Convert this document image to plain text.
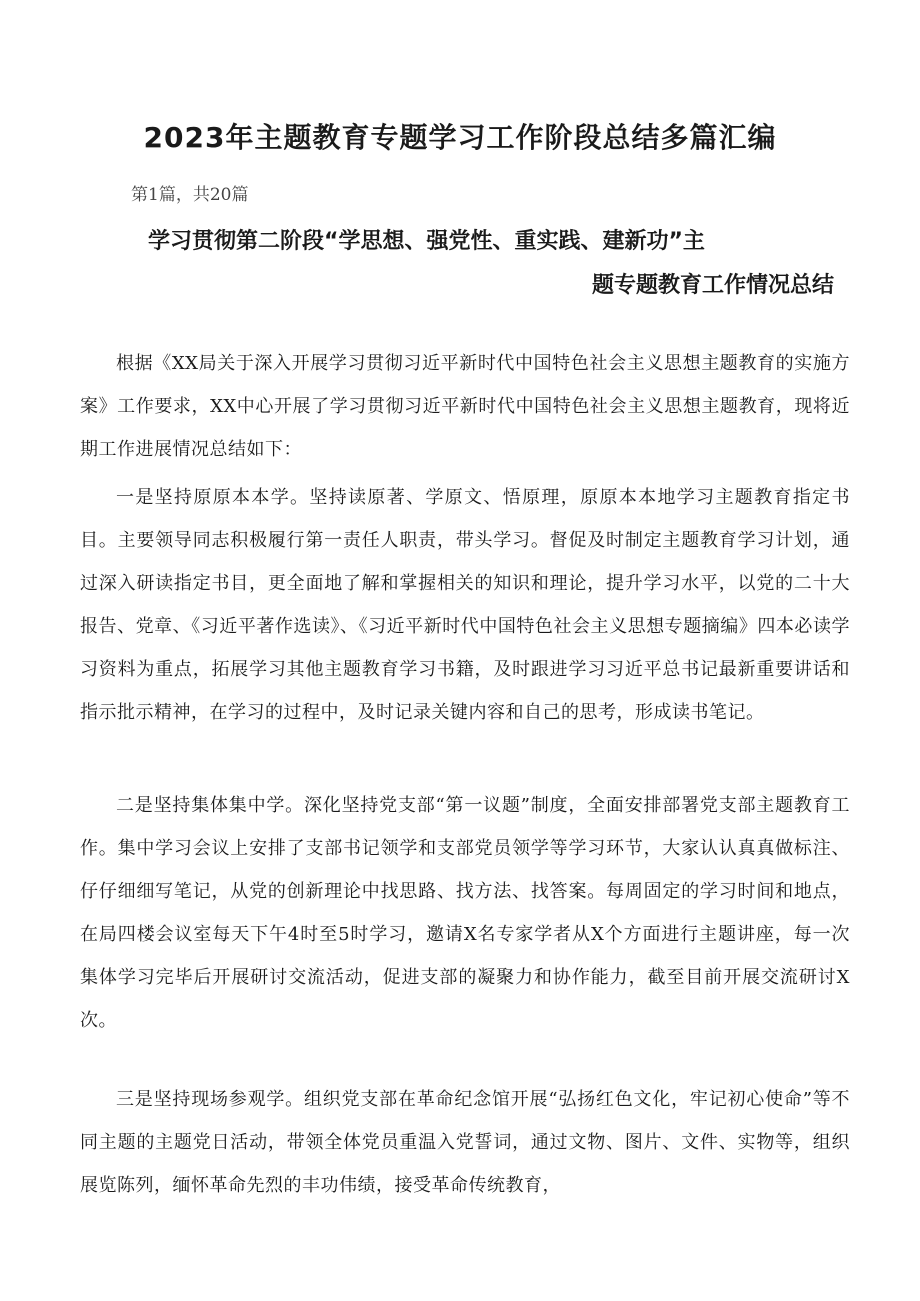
2023年主题教育专题学习工作阶段总结多篇汇编

第1篇，共20篇

学习贯彻第二阶段“学思想、强党性、重实践、建新功”主
题专题教育工作情况总结

根据《XX局关于深入开展学习贯彻习近平新时代中国特色社会主义思想主题教育的实施方案》工作要求，XX中心开展了学习贯彻习近平新时代中国特色社会主义思想主题教育，现将近期工作进展情况总结如下：

一是坚持原原本本学。坚持读原著、学原文、悟原理，原原本本地学习主题教育指定书目。主要领导同志积极履行第一责任人职责，带头学习。督促及时制定主题教育学习计划，通过深入研读指定书目，更全面地了解和掌握相关的知识和理论，提升学习水平，以党的二十大报告、党章、《习近平著作选读》、《习近平新时代中国特色社会主义思想专题摘编》四本必读学习资料为重点，拓展学习其他主题教育学习书籍，及时跟进学习习近平总书记最新重要讲话和指示批示精神，在学习的过程中，及时记录关键内容和自己的思考，形成读书笔记。

二是坚持集体集中学。深化坚持党支部“第一议题”制度，全面安排部署党支部主题教育工作。集中学习会议上安排了支部书记领学和支部党员领学等学习环节，大家认认真真做标注、仔仔细细写笔记，从党的创新理论中找思路、找方法、找答案。每周固定的学习时间和地点，在局四楼会议室每天下午4时至5时学习，邀请X名专家学者从X个方面进行主题讲座，每一次集体学习完毕后开展研讨交流活动，促进支部的凝聚力和协作能力，截至目前开展交流研讨X次。

三是坚持现场参观学。组织党支部在革命纪念馆开展“弘扬红色文化，牢记初心使命”等不同主题的主题党日活动，带领全体党员重温入党誓词，通过文物、图片、文件、实物等，组织展览陈列，缅怀革命先烈的丰功伟绩，接受革命传统教育，
